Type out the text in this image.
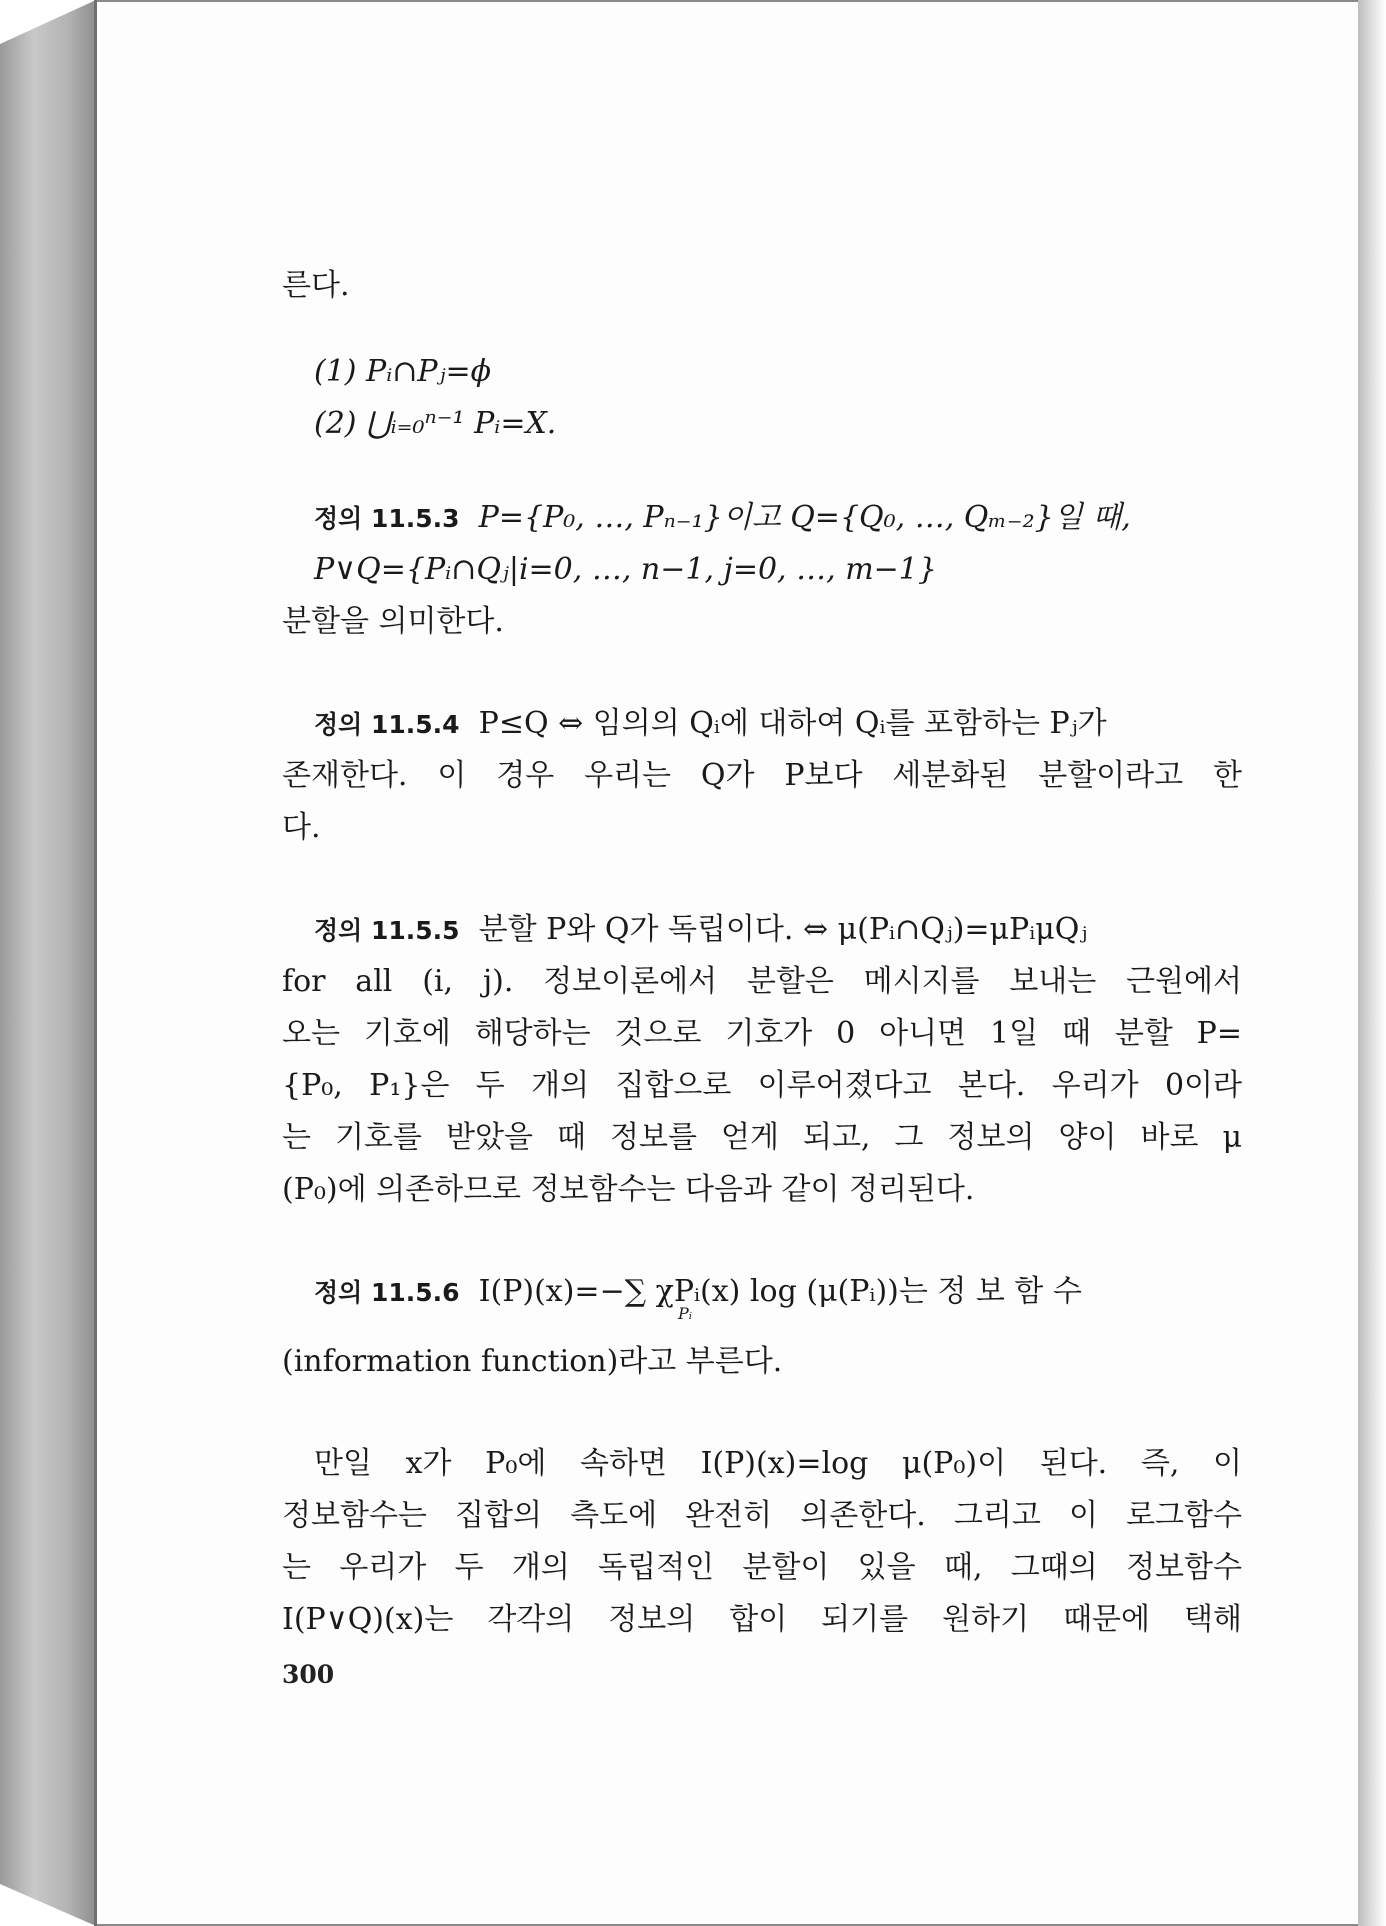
른다.
(1) Pᵢ∩Pⱼ=ϕ
(2) ⋃ᵢ₌₀ⁿ⁻¹ Pᵢ=X.
정의 11.5.3 P={P₀, …, Pₙ₋₁}이고 Q={Q₀, …, Qₘ₋₂}일 때,
P∨Q={Pᵢ∩Qⱼ|i=0, …, n−1, j=0, …, m−1}
분할을 의미한다.
정의 11.5.4 P≤Q ⇔ 임의의 Qᵢ에 대하여 Qᵢ를 포함하는 Pⱼ가
존재한다. 이 경우 우리는 Q가 P보다 세분화된 분할이라고 한
다.
정의 11.5.5 분할 P와 Q가 독립이다. ⇔ μ(Pᵢ∩Qⱼ)=μPᵢμQⱼ
for all (i, j). 정보이론에서 분할은 메시지를 보내는 근원에서
오는 기호에 해당하는 것으로 기호가 0 아니면 1일 때 분할 P=
{P₀, P₁}은 두 개의 집합으로 이루어졌다고 본다. 우리가 0이라
는 기호를 받았을 때 정보를 얻게 되고, 그 정보의 양이 바로 μ
(P₀)에 의존하므로 정보함수는 다음과 같이 정리된다.
정의 11.5.6 I(P)(x)=−∑ χPᵢ(x) log (μ(Pᵢ))는 정 보 함 수
Pᵢ
(information function)라고 부른다.
만일 x가 P₀에 속하면 I(P)(x)=log μ(P₀)이 된다. 즉, 이
정보함수는 집합의 측도에 완전히 의존한다. 그리고 이 로그함수
는 우리가 두 개의 독립적인 분할이 있을 때, 그때의 정보함수
I(P∨Q)(x)는 각각의 정보의 합이 되기를 원하기 때문에 택해
300
